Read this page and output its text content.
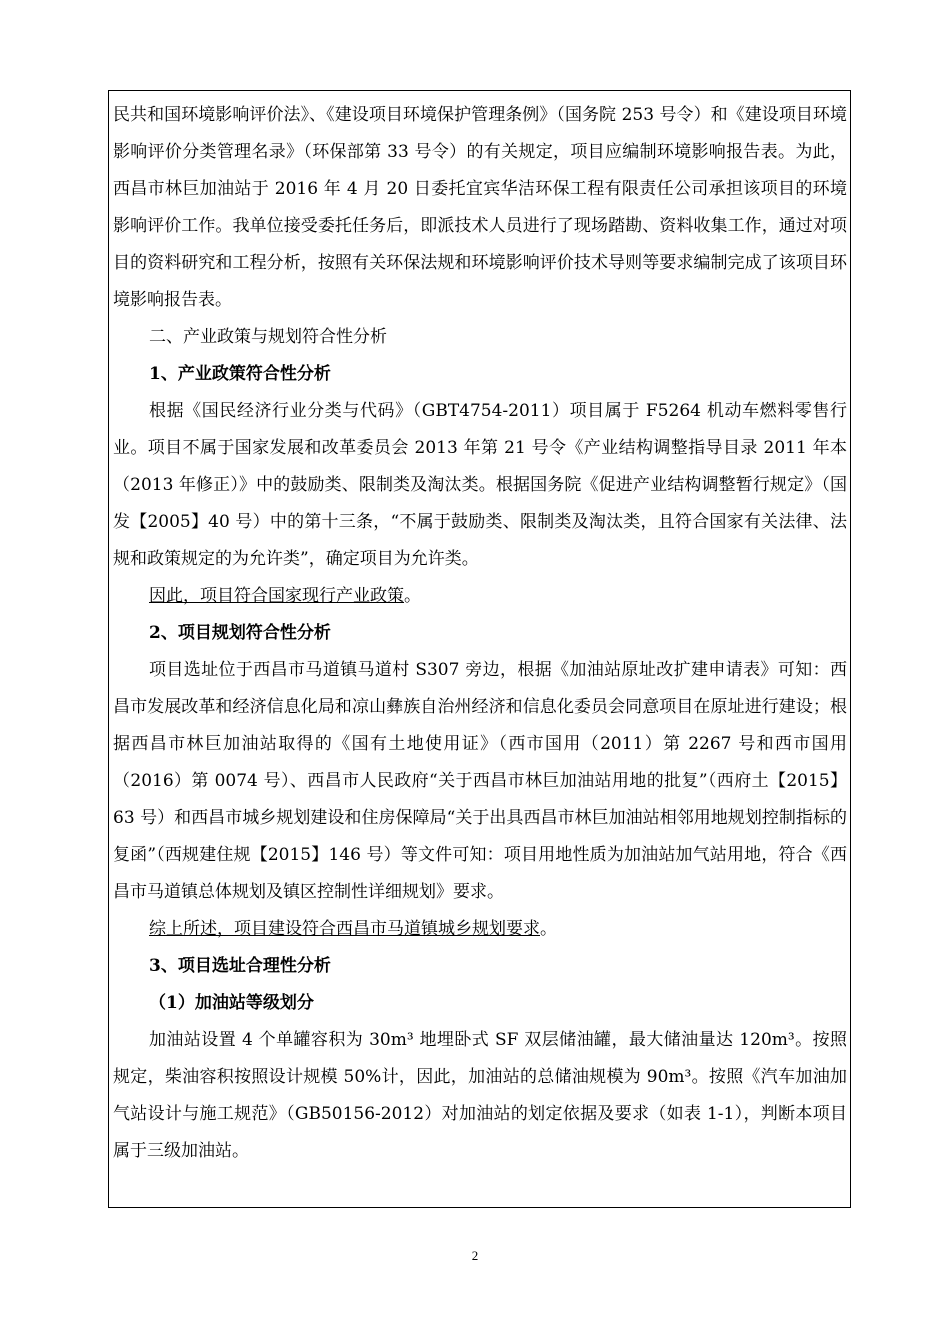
民共和国环境影响评价法》、《建设项目环境保护管理条例》（国务院 253 号令）和《建设项目环境影响评价分类管理名录》（环保部第 33 号令）的有关规定，项目应编制环境影响报告表。为此，西昌市林巨加油站于 2016 年 4 月 20 日委托宜宾华洁环保工程有限责任公司承担该项目的环境影响评价工作。我单位接受委托任务后，即派技术人员进行了现场踏勘、资料收集工作，通过对项目的资料研究和工程分析，按照有关环保法规和环境影响评价技术导则等要求编制完成了该项目环境影响报告表。

二、产业政策与规划符合性分析

1、产业政策符合性分析

根据《国民经济行业分类与代码》（GBT4754-2011）项目属于 F5264 机动车燃料零售行业。项目不属于国家发展和改革委员会 2013 年第 21 号令《产业结构调整指导目录 2011 年本（2013 年修正）》中的鼓励类、限制类及淘汰类。根据国务院《促进产业结构调整暂行规定》（国发【2005】40 号）中的第十三条，“不属于鼓励类、限制类及淘汰类，且符合国家有关法律、法规和政策规定的为允许类”，确定项目为允许类。

因此，项目符合国家现行产业政策。

2、项目规划符合性分析

项目选址位于西昌市马道镇马道村 S307 旁边，根据《加油站原址改扩建申请表》可知：西昌市发展改革和经济信息化局和凉山彝族自治州经济和信息化委员会同意项目在原址进行建设；根据西昌市林巨加油站取得的《国有土地使用证》（西市国用（2011）第 2267 号和西市国用（2016）第 0074 号）、西昌市人民政府“关于西昌市林巨加油站用地的批复”（西府土【2015】63 号）和西昌市城乡规划建设和住房保障局“关于出具西昌市林巨加油站相邻用地规划控制指标的复函”（西规建住规【2015】146 号）等文件可知：项目用地性质为加油站加气站用地，符合《西昌市马道镇总体规划及镇区控制性详细规划》要求。

综上所述，项目建设符合西昌市马道镇城乡规划要求。

3、项目选址合理性分析

（1）加油站等级划分

加油站设置 4 个单罐容积为 30m³ 地埋卧式 SF 双层储油罐，最大储油量达 120m³。按照规定，柴油容积按照设计规模 50%计，因此，加油站的总储油规模为 90m³。按照《汽车加油加气站设计与施工规范》（GB50156-2012）对加油站的划定依据及要求（如表 1-1），判断本项目属于三级加油站。

2
